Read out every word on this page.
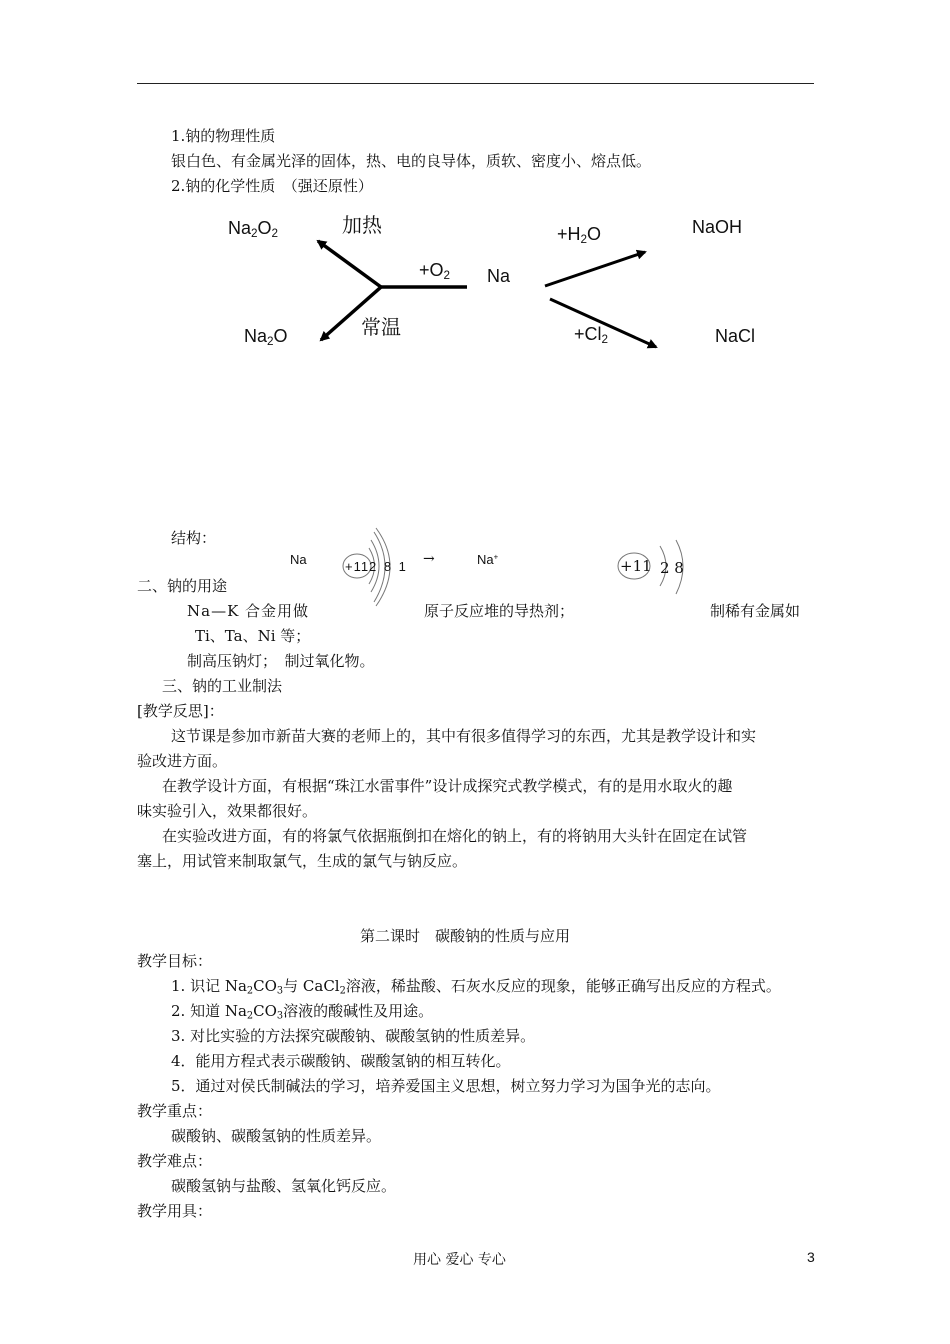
1.钠的物理性质
银白色、有金属光泽的固体，热、电的良导体，质软、密度小、熔点低。
2.钠的化学性质　（强还原性）
$Na_2O_2$	加热
$+O_2$ Na
常温
$Na_2O$
$+H_2O$	NaOH
$+Cl_2$	NaCl
结构：
Na	+11 2 8 1 →	Na+
+11 2 8
二、钠的用途
Na—K 合金用做	原子反应堆的导热剂；	制稀有金属如
Ti、Ta、Ni 等；
制高压钠灯；　制过氧化物。
三、钠的工业制法
[教学反思]：
这节课是参加市新苗大赛的老师上的，其中有很多值得学习的东西，尤其是教学设计和实
验改进方面。
在教学设计方面，有根据“珠江水雷事件”设计成探究式教学模式，有的是用水取火的趣
味实验引入，效果都很好。
在实验改进方面，有的将氯气依据瓶倒扣在熔化的钠上，有的将钠用大头针在固定在试管
塞上，用试管来制取氯气，生成的氯气与钠反应。
第二课时　碳酸钠的性质与应用
教学目标：
1. 识记 $Na_2CO_3$与 CaCl$_2$溶液，稀盐酸、石灰水反应的现象，能够正确写出反应的方程式。
2. 知道 $Na_2CO_3$溶液的酸碱性及用途。
3. 对比实验的方法探究碳酸钠、碳酸氢钠的性质差异。
4．能用方程式表示碳酸钠、碳酸氢钠的相互转化。
5．通过对侯氏制碱法的学习，培养爱国主义思想，树立努力学习为国争光的志向。
教学重点：
碳酸钠、碳酸氢钠的性质差异。
教学难点：
碳酸氢钠与盐酸、氢氧化钙反应。
教学用具：
用心 爱心 专心	3
